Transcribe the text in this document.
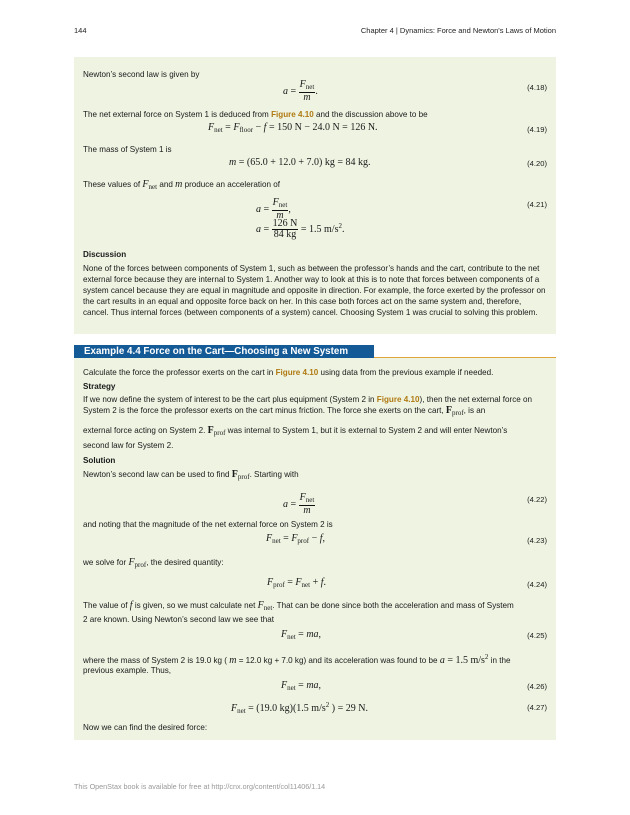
144	Chapter 4 | Dynamics: Force and Newton's Laws of Motion

Newton’s second law is given by

$a = \frac{F_{net}}{m}$ .	(4.18)

The net external force on System 1 is deduced from Figure 4.10 and the discussion above to be

$F_{net} = F_{floor} - f = 150$ N − 24.0 N = 126 N.	(4.19)

The mass of System 1 is

m = (65.0 + 12.0 + 7.0) kg = 84 kg.	(4.20)

These values of $F_{net}$ and m produce an acceleration of

$a = \frac{F_{net}}{m}$ ,
$a = \frac{126 N}{84 kg} = 1.5$ $m/s^2$.
(4.21)

Discussion

None of the forces between components of System 1, such as between the professor’s hands and the cart, contribute to the net external force because they are internal to System 1. Another way to look at this is to note that forces between components of a system cancel because they are equal in magnitude and opposite in direction. For example, the force exerted by the professor on the cart results in an equal and opposite force back on her. In this case both forces act on the same system and, therefore, cancel. Thus internal forces (between components of a system) cancel. Choosing System 1 was crucial to solving this problem.

Example 4.4 Force on the Cart—Choosing a New System

Calculate the force the professor exerts on the cart in Figure 4.10 using data from the previous example if needed.

Strategy

If we now define the system of interest to be the cart plus equipment (System 2 in Figure 4.10), then the net external force on System 2 is the force the professor exerts on the cart minus friction. The force she exerts on the cart, $F_{prof}$, is an

external force acting on System 2. $F_{prof}$ was internal to System 1, but it is external to System 2 and will enter Newton’s

second law for System 2.

Solution

Newton’s second law can be used to find $F_{prof}$. Starting with

$a = \frac{F_{net}}{m}$	(4.22)

and noting that the magnitude of the net external force on System 2 is

$F_{net} = F_{prof} - f$,	(4.23)

we solve for $F_{prof}$, the desired quantity:

$F_{prof} = F_{net} + f$.	(4.24)

The value of f is given, so we must calculate net $F_{net}$. That can be done since both the acceleration and mass of System

2 are known. Using Newton’s second law we see that

$F_{net}$ = ma,	(4.25)

where the mass of System 2 is 19.0 kg ( m = 12.0 kg + 7.0 kg) and its acceleration was found to be a = 1.5 $m/s^2$ in the

previous example. Thus,

$F_{net}$ = ma,	(4.26)
$F_{net} = (19.0$ kg)(1.5 $m/s^2$ ) = 29 N.	(4.27)

Now we can find the desired force:

This OpenStax book is available for free at http://cnx.org/content/col11406/1.14
